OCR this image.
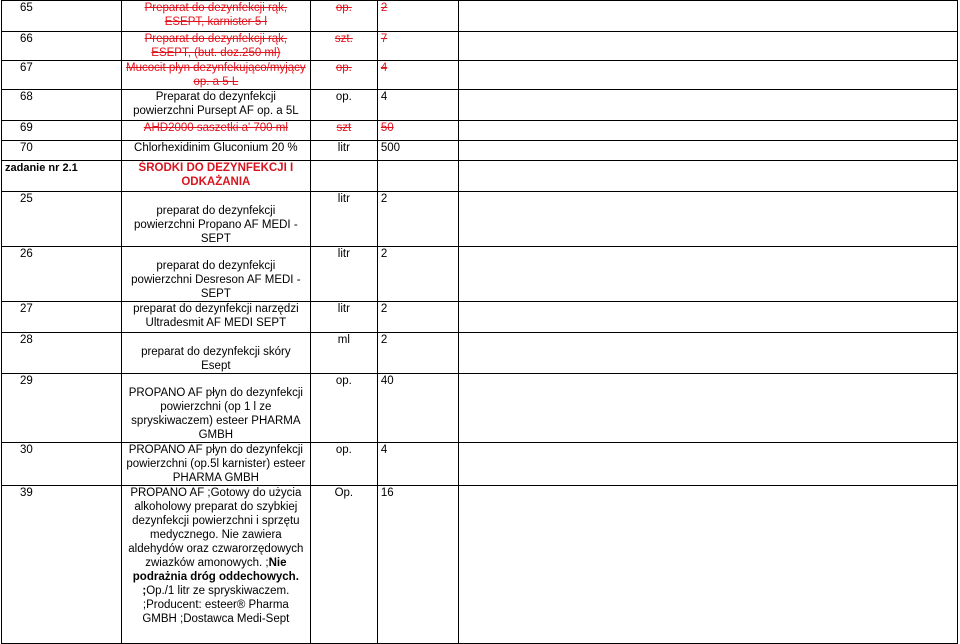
65	Preparat do dezynfekcji rąk, ESEPT, karnister 5 l	op.	2	
66	Preparat do dezynfekcji rąk, ESEPT, (but. doz.250 ml)	szt.	7	
67	Mucocit płyn dezynfekująco/myjący op. a 5 L	op.	4	
68	Preparat do dezynfekcji powierzchni Pursept AF op. a 5L	op.	4	
69	AHD2000 saszetki a' 700 ml	szt	50	
70	Chlorhexidinim Gluconium 20 %	litr	500	
zadanie nr 2.1	ŚRODKI DO DEZYNFEKCJI I ODKAŻANIA			
25	preparat do dezynfekcji powierzchni Propano AF MEDI - SEPT	litr	2	
26	preparat do dezynfekcji powierzchni Desreson AF MEDI - SEPT	litr	2	
27	preparat do dezynfekcji narzędzi Ultradesmit AF MEDI SEPT	litr	2	
28	preparat do dezynfekcji skóry Esept	ml	2	
29	PROPANO AF płyn do dezynfekcji powierzchni (op 1 l ze spryskiwaczem) esteer PHARMA GMBH	op.	40	
30	PROPANO AF płyn do dezynfekcji powierzchni (op.5l karnister) esteer PHARMA GMBH	op.	4	
39	PROPANO AF ;Gotowy do użycia alkoholowy preparat do szybkiej dezynfekcji powierzchni i sprzętu medycznego. Nie zawiera aldehydów oraz czwarorzędowych zwiazków amonowych. ;Nie podrażnia dróg oddechowych. ;Op./1 litr ze spryskiwaczem. ;Producent: esteer® Pharma GMBH ;Dostawca Medi-Sept	Op.	16	
